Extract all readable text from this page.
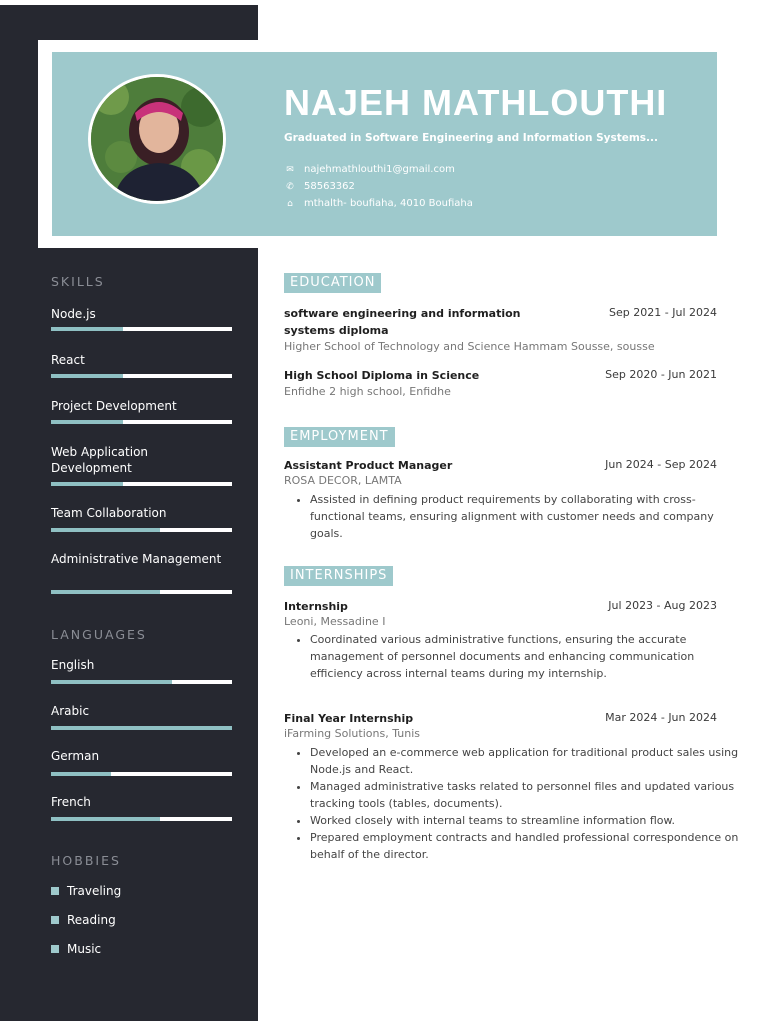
NAJEH MATHLOUTHI

Graduated in Software Engineering and Information Systems...

✉ najehmathlouthi1@gmail.com
✆ 58563362
⌂	mthalth- boufiaha, 4010 Boufiaha
SKILLS
Node.js
React
Project Development
Web Application Development
Team Collaboration
Administrative Management
LANGUAGES
English
Arabic
German
French
HOBBIES
Traveling
Reading
Music
EDUCATION
software engineering and information systems diploma
Sep 2021 - Jul 2024
Higher School of Technology and Science Hammam Sousse, sousse
High School Diploma in Science	Sep 2020 - Jun 2021
Enfidhe 2 high school, Enfidhe
EMPLOYMENT
Assistant Product Manager	Jun 2024 - Sep 2024
ROSA DECOR, LAMTA
• Assisted in defining product requirements by collaborating with cross-functional teams, ensuring alignment with customer needs and company goals.
INTERNSHIPS
Internship	Jul 2023 - Aug 2023
Leoni, Messadine I
• Coordinated various administrative functions, ensuring the accurate management of personnel documents and enhancing communication efficiency across internal teams during my internship.
Final Year Internship	Mar 2024 - Jun 2024
iFarming Solutions, Tunis
• Developed an e-commerce web application for traditional product sales using Node.js and React.
• Managed administrative tasks related to personnel files and updated various tracking tools (tables, documents).
• Worked closely with internal teams to streamline information flow.
• Prepared employment contracts and handled professional correspondence on behalf of the director.
